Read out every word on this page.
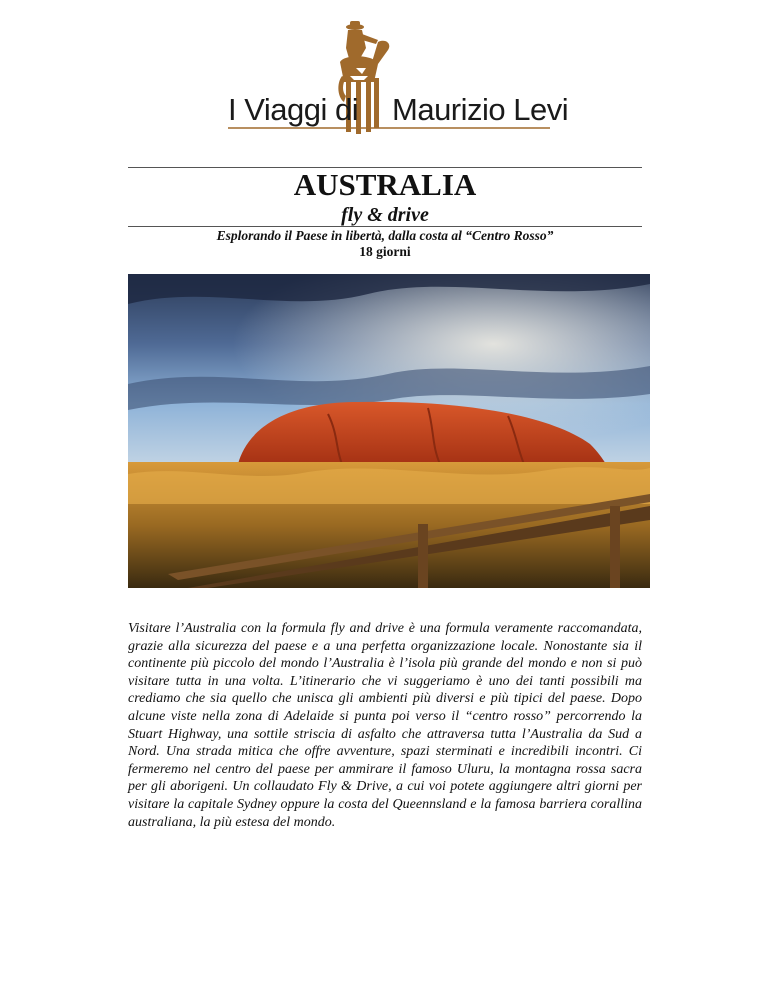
I Viaggi di Maurizio Levi
AUSTRALIA
fly & drive
Esplorando il Paese in libertà, dalla costa al “Centro Rosso”
18 giorni

Visitare l’Australia con la formula fly and drive è una formula veramente raccomandata, grazie alla sicurezza del paese e a una perfetta organizzazione locale. Nonostante sia il continente più piccolo del mondo l’Australia è l’isola più grande del mondo e non si può visitare tutta in una volta. L’itinerario che vi suggeriamo è uno dei tanti possibili ma crediamo che sia quello che unisca gli ambienti più diversi e più tipici del paese. Dopo alcune viste nella zona di Adelaide si punta poi verso il “centro rosso” percorrendo la Stuart Highway, una sottile striscia di asfalto che attraversa tutta l’Australia da Sud a Nord. Una strada mitica che offre avventure, spazi sterminati e incredibili incontri. Ci fermeremo nel centro del paese per ammirare il famoso Uluru, la montagna rossa sacra per gli aborigeni. Un collaudato Fly & Drive, a cui voi potete aggiungere altri giorni per visitare la capitale Sydney oppure la costa del Queennsland e la famosa barriera corallina australiana, la più estesa del mondo.
